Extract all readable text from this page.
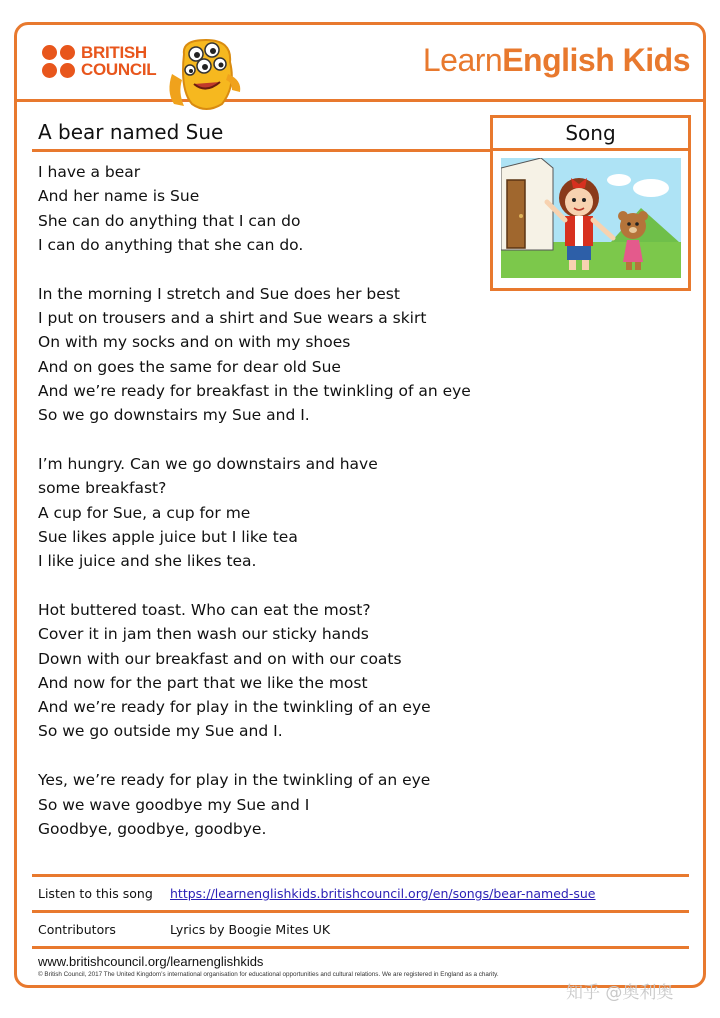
BRITISH
COUNCIL	LearnEnglish Kids
A bear named Sue	Song
I have a bear
And her name is Sue
She can do anything that I can do
I can do anything that she can do.
In the morning I stretch and Sue does her best
I put on trousers and a shirt and Sue wears a skirt
On with my socks and on with my shoes
And on goes the same for dear old Sue
And we’re ready for breakfast in the twinkling of an eye
So we go downstairs my Sue and I.
I’m hungry. Can we go downstairs and have some breakfast?
A cup for Sue, a cup for me
Sue likes apple juice but I like tea
I like juice and she likes tea.
Hot buttered toast. Who can eat the most?
Cover it in jam then wash our sticky hands
Down with our breakfast and on with our coats
And now for the part that we like the most
And we’re ready for play in the twinkling of an eye
So we go outside my Sue and I.
Yes, we’re ready for play in the twinkling of an eye
So we wave goodbye my Sue and I
Goodbye, goodbye, goodbye.
Listen to this song https://learnenglishkids.britishcouncil.org/en/songs/bear-named-sue
Contributors	Lyrics by Boogie Mites UK
www.britishcouncil.org/learnenglishkids
© British Council, 2017 The United Kingdom’s international organisation for educational opportunities and cultural relations. We are registered in England as a charity.
知乎 @奥利奥
